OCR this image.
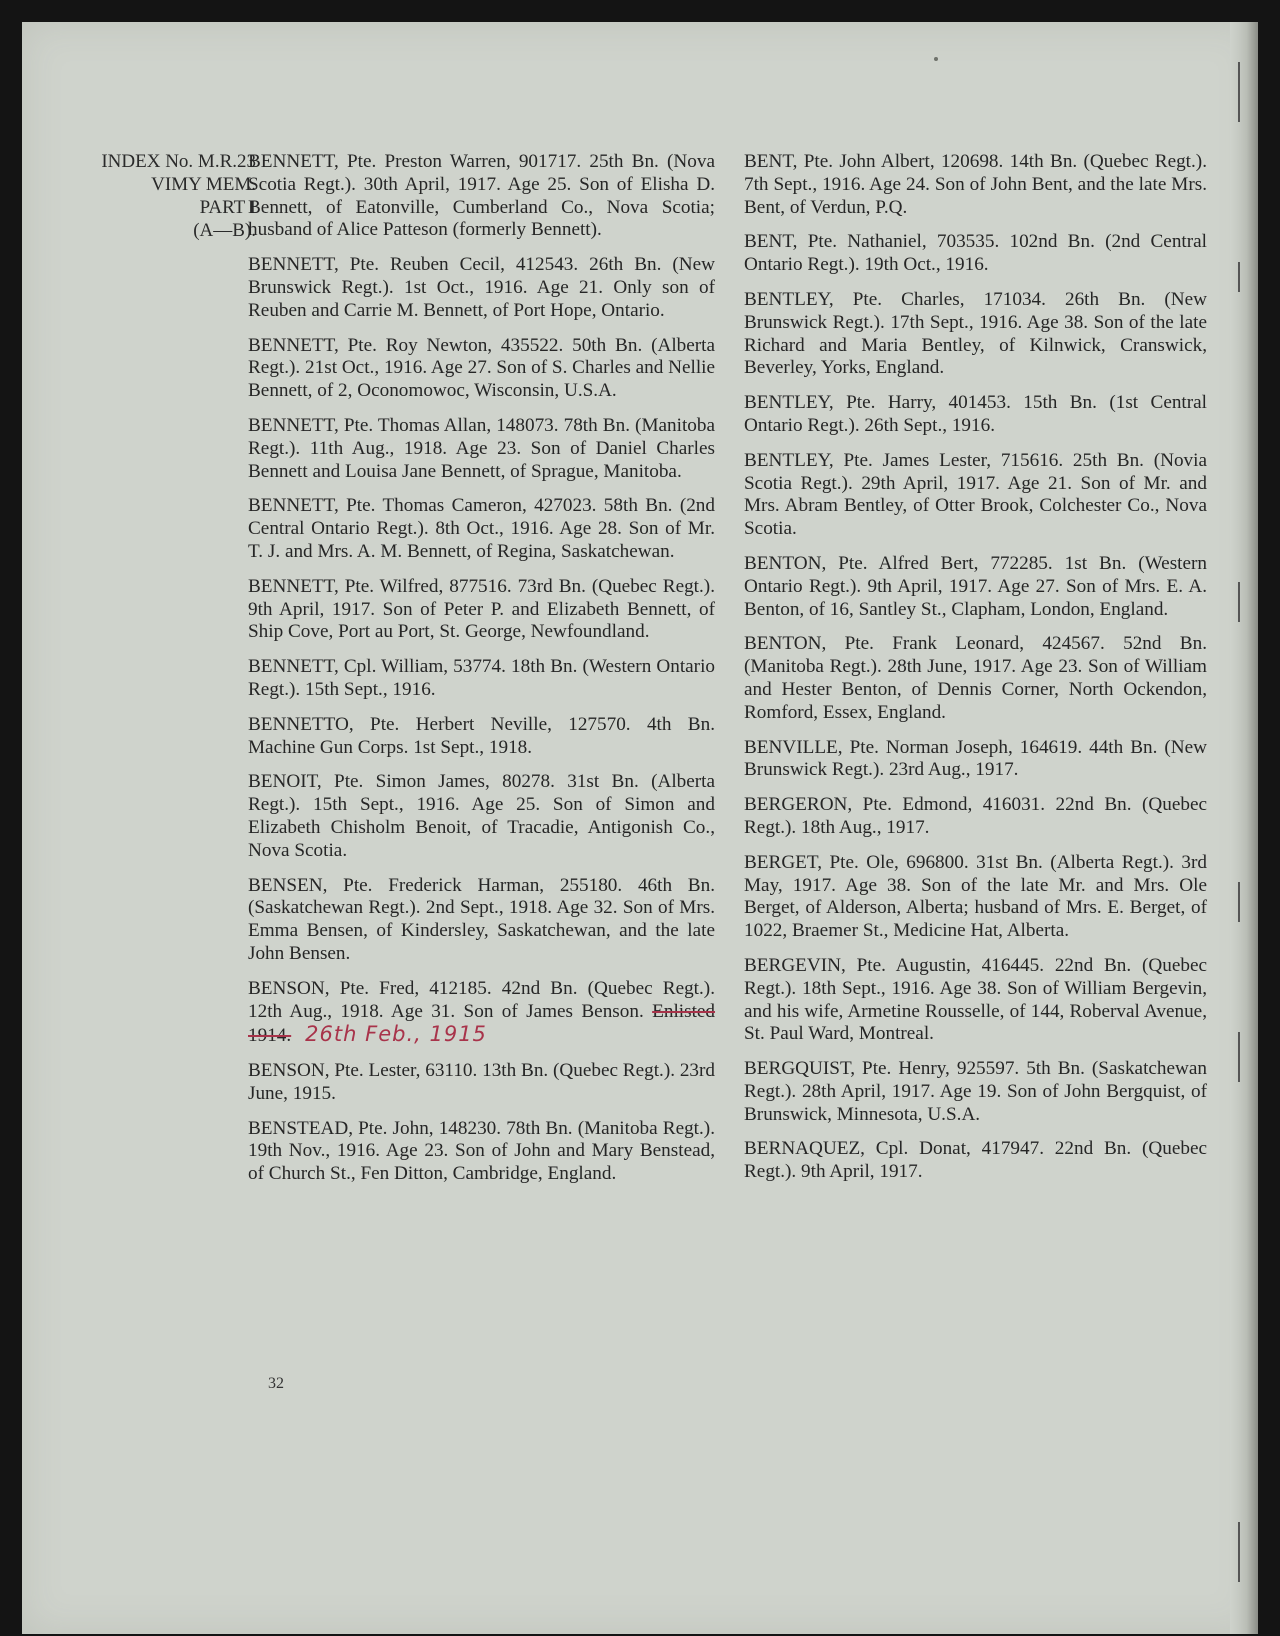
INDEX No. M.R.23
VIMY MEM.
PART I
(A—B).

BENNETT, Pte. Preston Warren, 901717. 25th Bn. (Nova Scotia Regt.). 30th April, 1917. Age 25. Son of Elisha D. Bennett, of Eatonville, Cumberland Co., Nova Scotia; husband of Alice Patteson (formerly Bennett).

BENNETT, Pte. Reuben Cecil, 412543. 26th Bn. (New Brunswick Regt.). 1st Oct., 1916. Age 21. Only son of Reuben and Carrie M. Bennett, of Port Hope, Ontario.

BENNETT, Pte. Roy Newton, 435522. 50th Bn. (Alberta Regt.). 21st Oct., 1916. Age 27. Son of S. Charles and Nellie Bennett, of 2, Oconomowoc, Wisconsin, U.S.A.

BENNETT, Pte. Thomas Allan, 148073. 78th Bn. (Manitoba Regt.). 11th Aug., 1918. Age 23. Son of Daniel Charles Bennett and Louisa Jane Bennett, of Sprague, Manitoba.

BENNETT, Pte. Thomas Cameron, 427023. 58th Bn. (2nd Central Ontario Regt.). 8th Oct., 1916. Age 28. Son of Mr. T. J. and Mrs. A. M. Bennett, of Regina, Saskatchewan.

BENNETT, Pte. Wilfred, 877516. 73rd Bn. (Quebec Regt.). 9th April, 1917. Son of Peter P. and Elizabeth Bennett, of Ship Cove, Port au Port, St. George, Newfoundland.

BENNETT, Cpl. William, 53774. 18th Bn. (Western Ontario Regt.). 15th Sept., 1916.

BENNETTO, Pte. Herbert Neville, 127570. 4th Bn. Machine Gun Corps. 1st Sept., 1918.

BENOIT, Pte. Simon James, 80278. 31st Bn. (Alberta Regt.). 15th Sept., 1916. Age 25. Son of Simon and Elizabeth Chisholm Benoit, of Tracadie, Antigonish Co., Nova Scotia.

BENSEN, Pte. Frederick Harman, 255180. 46th Bn. (Saskatchewan Regt.). 2nd Sept., 1918. Age 32. Son of Mrs. Emma Bensen, of Kindersley, Saskatchewan, and the late John Bensen.

BENSON, Pte. Fred, 412185. 42nd Bn. (Quebec Regt.). 12th Aug., 1918. Age 31. Son of James Benson. Enlisted 1914. 26th Feb., 1915

BENSON, Pte. Lester, 63110. 13th Bn. (Quebec Regt.). 23rd June, 1915.

BENSTEAD, Pte. John, 148230. 78th Bn. (Manitoba Regt.). 19th Nov., 1916. Age 23. Son of John and Mary Benstead, of Church St., Fen Ditton, Cambridge, England.

BENT, Pte. John Albert, 120698. 14th Bn. (Quebec Regt.). 7th Sept., 1916. Age 24. Son of John Bent, and the late Mrs. Bent, of Verdun, P.Q.

BENT, Pte. Nathaniel, 703535. 102nd Bn. (2nd Central Ontario Regt.). 19th Oct., 1916.

BENTLEY, Pte. Charles, 171034. 26th Bn. (New Brunswick Regt.). 17th Sept., 1916. Age 38. Son of the late Richard and Maria Bentley, of Kilnwick, Cranswick, Beverley, Yorks, England.

BENTLEY, Pte. Harry, 401453. 15th Bn. (1st Central Ontario Regt.). 26th Sept., 1916.

BENTLEY, Pte. James Lester, 715616. 25th Bn. (Novia Scotia Regt.). 29th April, 1917. Age 21. Son of Mr. and Mrs. Abram Bentley, of Otter Brook, Colchester Co., Nova Scotia.

BENTON, Pte. Alfred Bert, 772285. 1st Bn. (Western Ontario Regt.). 9th April, 1917. Age 27. Son of Mrs. E. A. Benton, of 16, Santley St., Clapham, London, England.

BENTON, Pte. Frank Leonard, 424567. 52nd Bn. (Manitoba Regt.). 28th June, 1917. Age 23. Son of William and Hester Benton, of Dennis Corner, North Ockendon, Romford, Essex, England.

BENVILLE, Pte. Norman Joseph, 164619. 44th Bn. (New Brunswick Regt.). 23rd Aug., 1917.

BERGERON, Pte. Edmond, 416031. 22nd Bn. (Quebec Regt.). 18th Aug., 1917.

BERGET, Pte. Ole, 696800. 31st Bn. (Alberta Regt.). 3rd May, 1917. Age 38. Son of the late Mr. and Mrs. Ole Berget, of Alderson, Alberta; husband of Mrs. E. Berget, of 1022, Braemer St., Medicine Hat, Alberta.

BERGEVIN, Pte. Augustin, 416445. 22nd Bn. (Quebec Regt.). 18th Sept., 1916. Age 38. Son of William Bergevin, and his wife, Armetine Rousselle, of 144, Roberval Avenue, St. Paul Ward, Montreal.

BERGQUIST, Pte. Henry, 925597. 5th Bn. (Saskatchewan Regt.). 28th April, 1917. Age 19. Son of John Bergquist, of Brunswick, Minnesota, U.S.A.

BERNAQUEZ, Cpl. Donat, 417947. 22nd Bn. (Quebec Regt.). 9th April, 1917.

32
